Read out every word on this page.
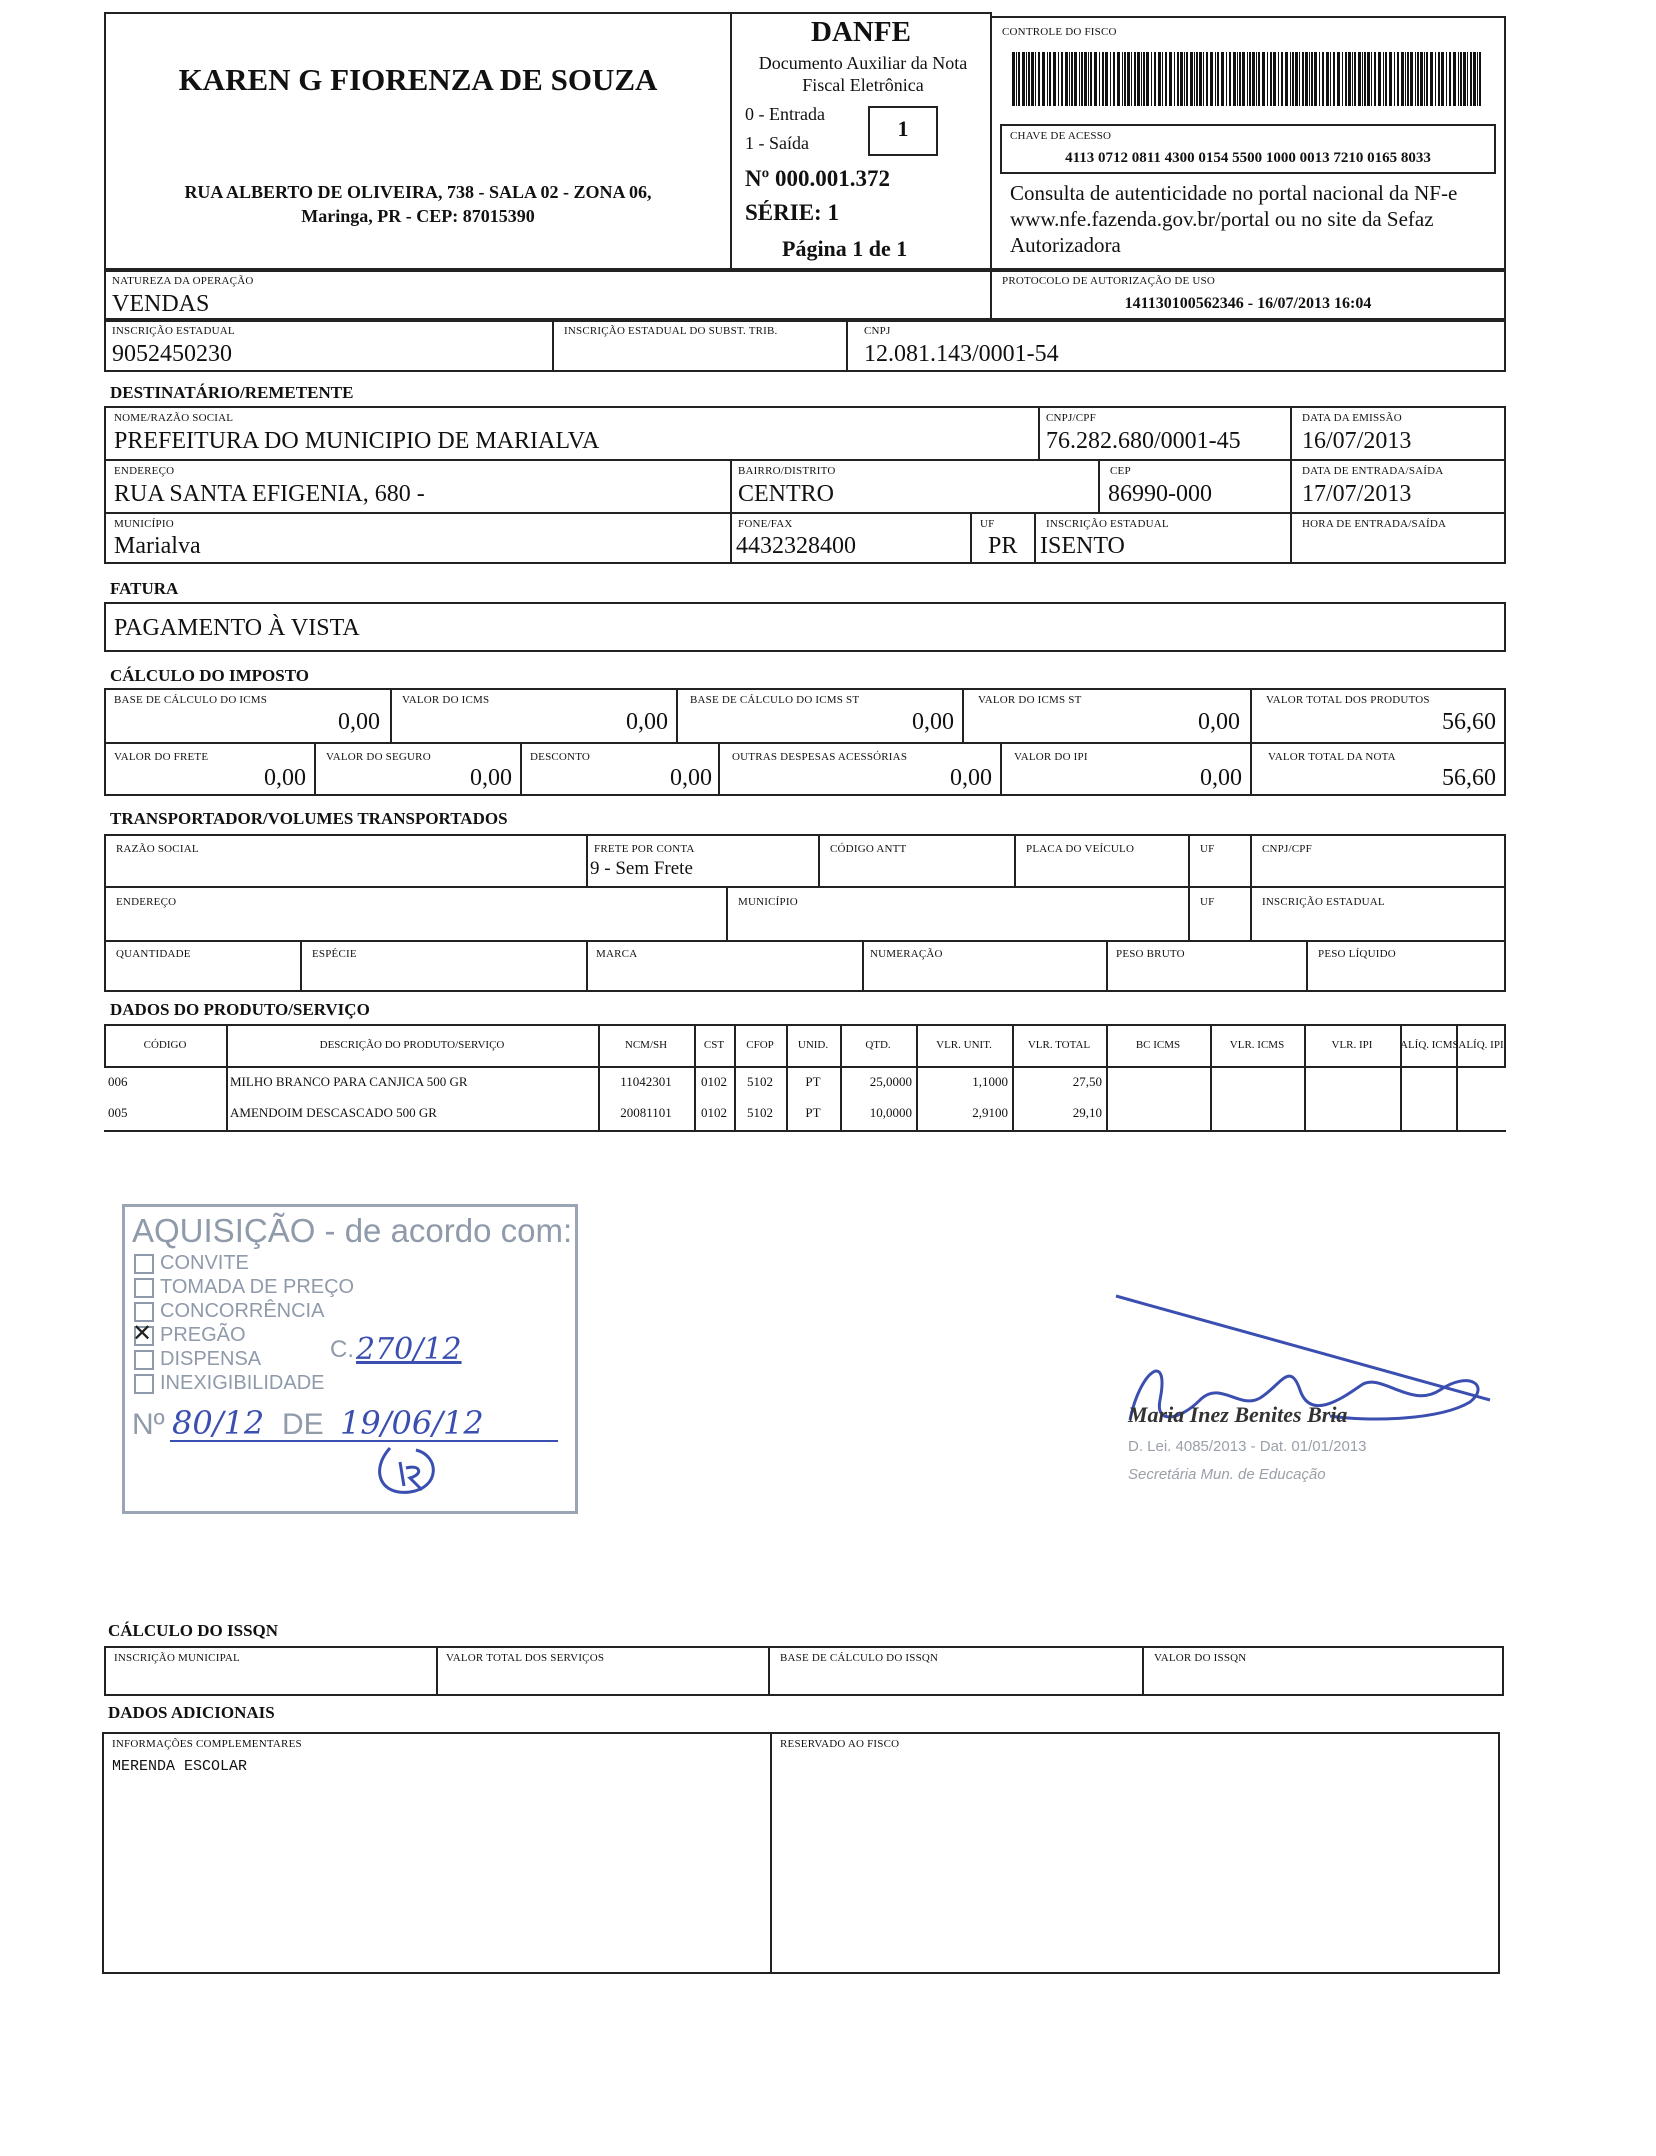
KAREN G FIORENZA DE SOUZA
RUA ALBERTO DE OLIVEIRA, 738 - SALA 02 - ZONA 06,
Maringa, PR - CEP: 87015390
DANFE
Documento Auxiliar da Nota Fiscal Eletrônica
0 - Entrada
1 - Saída
1
Nº 000.001.372
SÉRIE: 1
Página 1 de 1
CONTROLE DO FISCO
CHAVE DE ACESSO
4113 0712 0811 4300 0154 5500 1000 0013 7210 0165 8033
Consulta de autenticidade no portal nacional da NF-e www.nfe.fazenda.gov.br/portal ou no site da Sefaz Autorizadora
NATUREZA DA OPERAÇÃO
VENDAS
PROTOCOLO DE AUTORIZAÇÃO DE USO
141130100562346 - 16/07/2013 16:04
INSCRIÇÃO ESTADUAL
9052450230
INSCRIÇÃO ESTADUAL DO SUBST. TRIB.	CNPJ
12.081.143/0001-54
DESTINATÁRIO/REMETENTE
NOME/RAZÃO SOCIAL
PREFEITURA DO MUNICIPIO DE MARIALVA
CNPJ/CPF
76.282.680/0001-45
DATA DA EMISSÃO
16/07/2013
ENDEREÇO
RUA SANTA EFIGENIA, 680 -
BAIRRO/DISTRITO
CENTRO
CEP
86990-000
DATA DE ENTRADA/SAÍDA
17/07/2013
MUNICÍPIO
Marialva
FONE/FAX
4432328400
UF
PR
INSCRIÇÃO ESTADUAL
ISENTO
HORA DE ENTRADA/SAÍDA
FATURA
PAGAMENTO À VISTA
CÁLCULO DO IMPOSTO
BASE DE CÁLCULO DO ICMS
0,00
VALOR DO ICMS
0,00
BASE DE CÁLCULO DO ICMS ST
0,00
VALOR DO ICMS ST
0,00
VALOR TOTAL DOS PRODUTOS
56,60
VALOR DO FRETE
0,00
VALOR DO SEGURO
0,00
DESCONTO
0,00
OUTRAS DESPESAS ACESSÓRIAS
0,00
VALOR DO IPI
0,00
VALOR TOTAL DA NOTA
56,60
TRANSPORTADOR/VOLUMES TRANSPORTADOS
RAZÃO SOCIAL	FRETE POR CONTA
9 - Sem Frete
CÓDIGO ANTT	PLACA DO VEÍCULO	UF	CNPJ/CPF
ENDEREÇO	MUNICÍPIO	UF	INSCRIÇÃO ESTADUAL
QUANTIDADE	ESPÉCIE	MARCA	NUMERAÇÃO	PESO BRUTO	PESO LÍQUIDO
DADOS DO PRODUTO/SERVIÇO
CÓDIGO	DESCRIÇÃO DO PRODUTO/SERVIÇO	NCM/SH	CST	CFOP	UNID.	QTD.	VLR. UNIT.	VLR. TOTAL	BC ICMS	VLR. ICMS	VLR. IPI	ALÍQ. ICMS ALÍQ. IPI
006	MILHO BRANCO PARA CANJICA 500 GR	11042301	0102	5102	PT	25,0000	1,1000	27,50
005	AMENDOIM DESCASCADO 500 GR	20081101	0102	5102	PT	10,0000	2,9100	29,10
AQUISIÇÃO - de acordo com:
CONVITE
TOMADA DE PREÇO
CONCORRÊNCIA
✕ PREGÃO
DISPENSA
INEXIGIBILIDADE
C. 270/12
Nº 80/12 DE 19/06/12	Maria Inez Benites Bria
D. Lei. 4085/2013 - Dat. 01/01/2013
Secretária Mun. de Educação
CÁLCULO DO ISSQN
INSCRIÇÃO MUNICIPAL	VALOR TOTAL DOS SERVIÇOS	BASE DE CÁLCULO DO ISSQN	VALOR DO ISSQN
DADOS ADICIONAIS
INFORMAÇÕES COMPLEMENTARES
MERENDA ESCOLAR
RESERVADO AO FISCO
